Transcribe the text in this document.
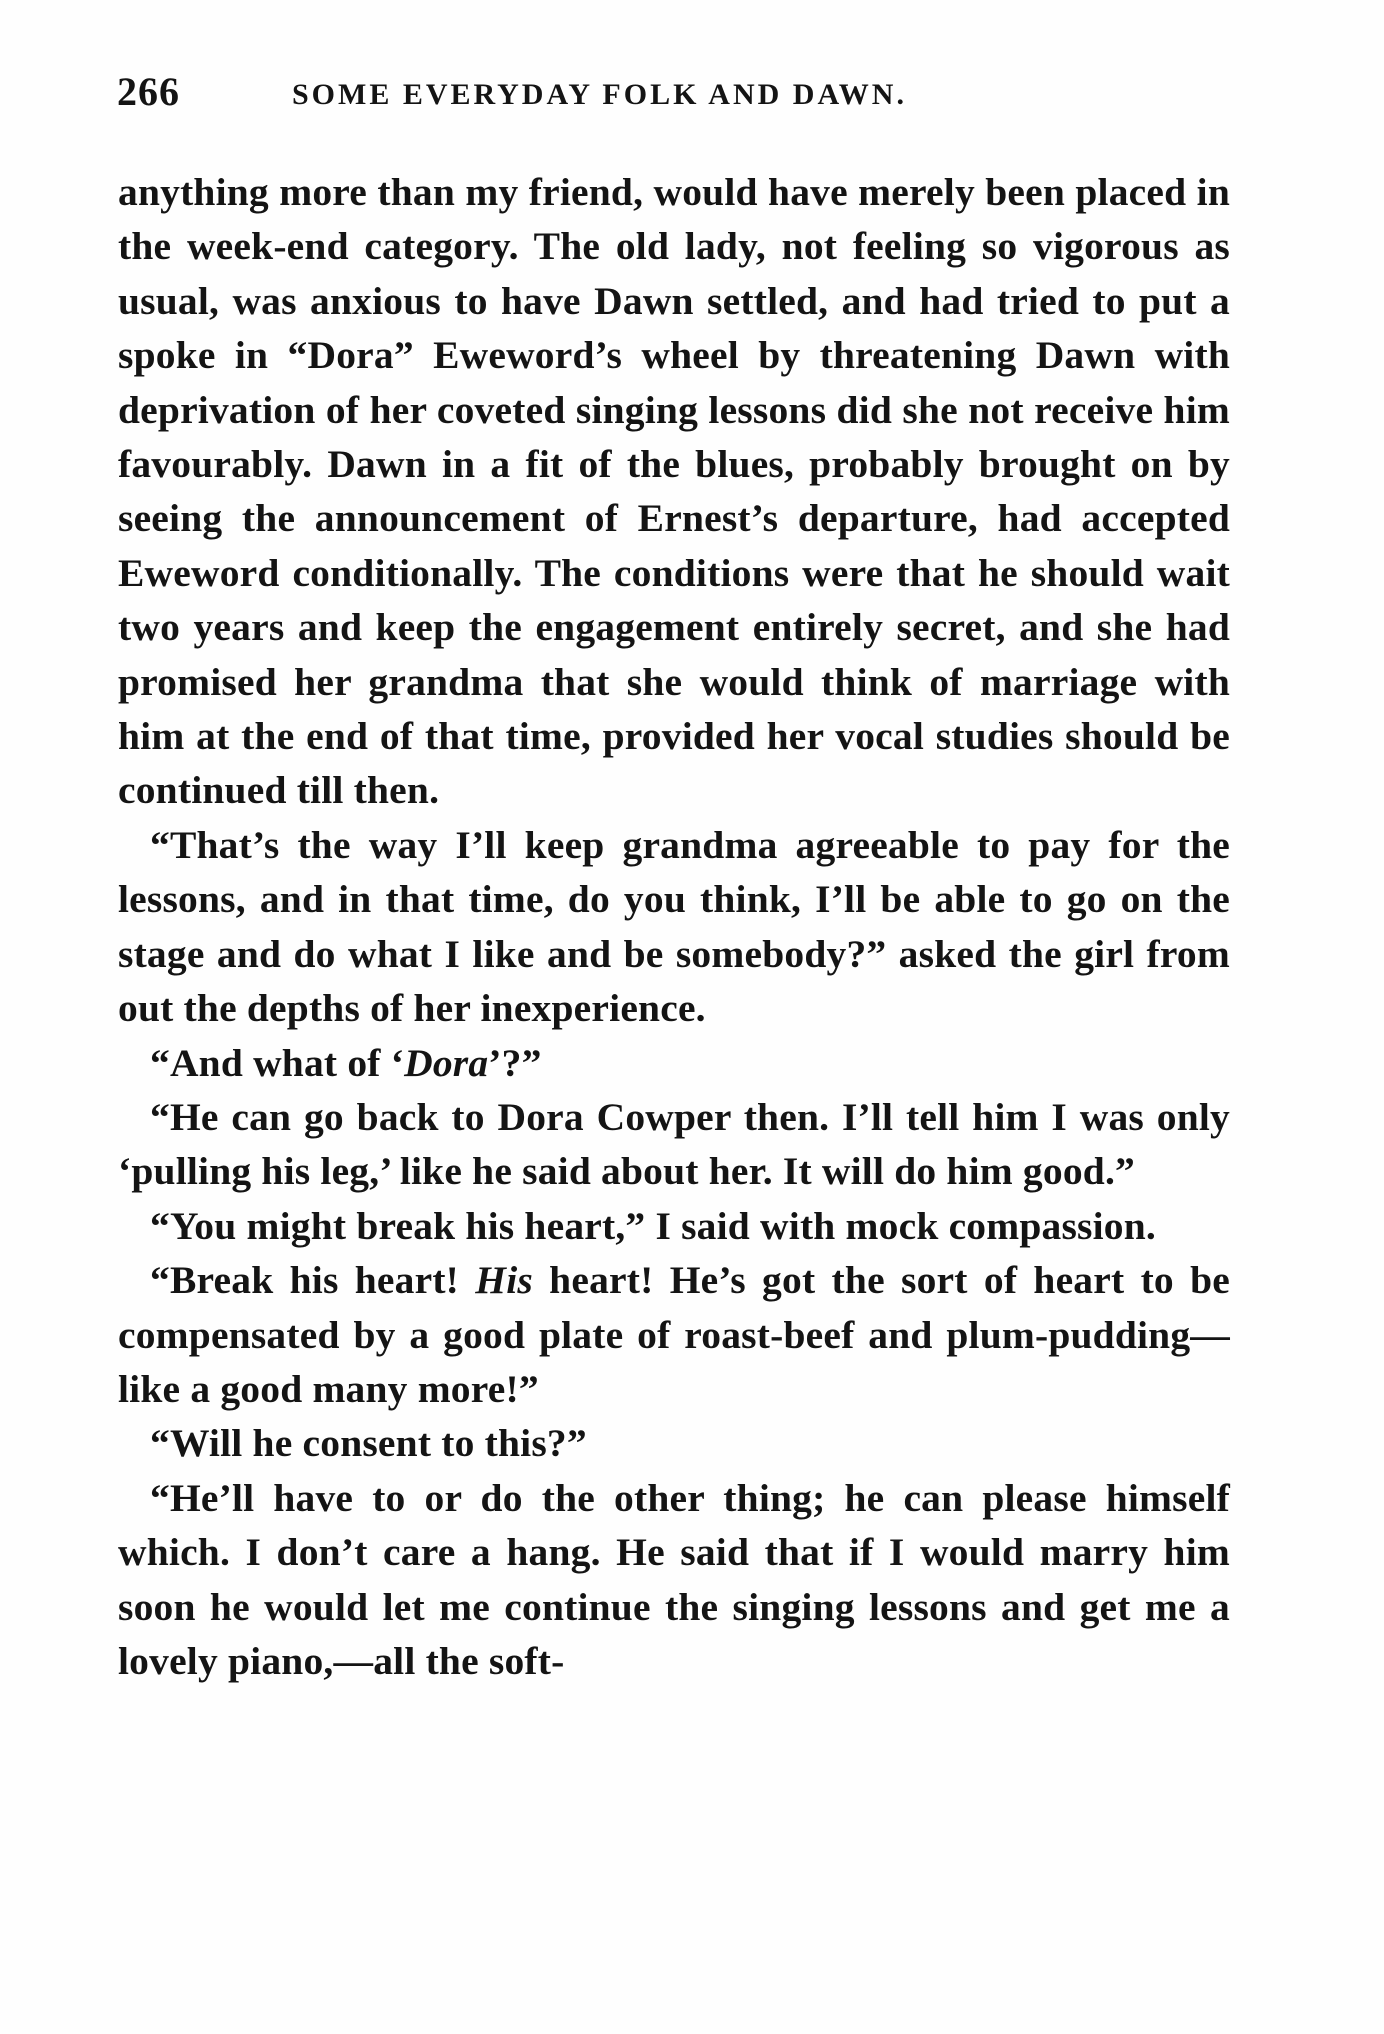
266	SOME EVERYDAY FOLK AND DAWN.

anything more than my friend, would have merely been placed in the week-end category. The old lady, not feeling so vigorous as usual, was anxious to have Dawn settled, and had tried to put a spoke in “Dora” Eweword’s wheel by threatening Dawn with deprivation of her coveted singing lessons did she not receive him favourably. Dawn in a fit of the blues, probably brought on by seeing the announcement of Ernest’s departure, had accepted Eweword conditionally. The conditions were that he should wait two years and keep the engagement entirely secret, and she had promised her grandma that she would think of marriage with him at the end of that time, provided her vocal studies should be continued till then.

“That’s the way I’ll keep grandma agreeable to pay for the lessons, and in that time, do you think, I’ll be able to go on the stage and do what I like and be somebody?” asked the girl from out the depths of her inexperience.

“And what of ‘Dora’?”

“He can go back to Dora Cowper then. I’ll tell him I was only ‘pulling his leg,’ like he said about her. It will do him good.”

“You might break his heart,” I said with mock compassion.

“Break his heart! His heart! He’s got the sort of heart to be compensated by a good plate of roast-beef and plum-pudding—like a good many more!”

“Will he consent to this?”

“He’ll have to or do the other thing; he can please himself which. I don’t care a hang. He said that if I would marry him soon he would let me continue the singing lessons and get me a lovely piano,—all the soft-
